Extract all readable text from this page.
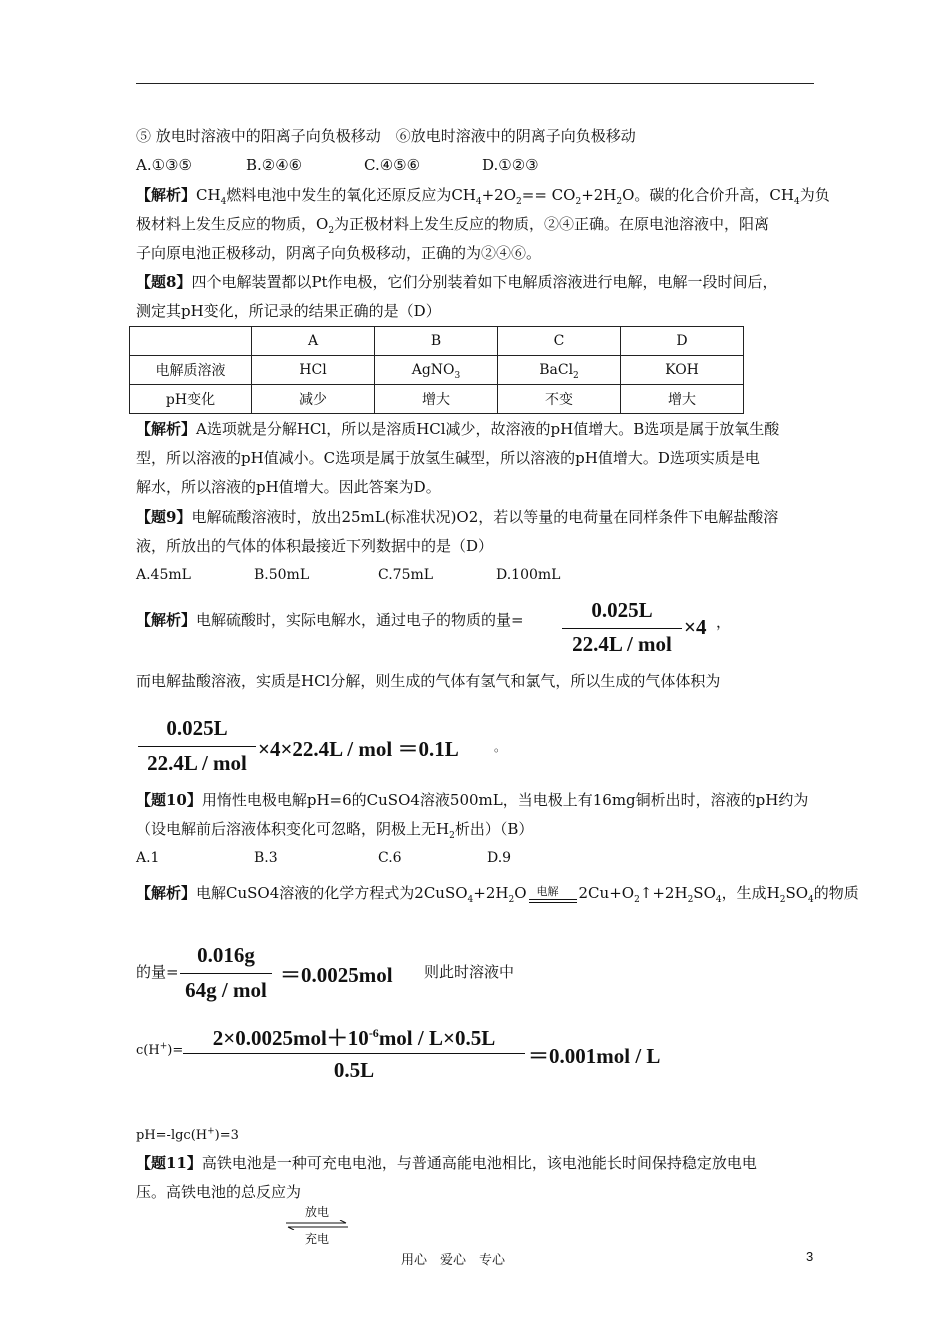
⑤ 放电时溶液中的阳离子向负极移动　⑥放电时溶液中的阴离子向负极移动
A.①③⑤	B.②④⑥	C.④⑤⑥	D.①②③
【解析】$CH_4$燃料电池中发生的氧化还原反应为$CH_4+2O_2== CO_2+2H_2O$。碳的化合价升高，$CH_4$为负
极材料上发生反应的物质，$O_2$为正极材料上发生反应的物质，②④正确。在原电池溶液中，阳离
子向原电池正极移动，阴离子向负极移动，正确的为②④⑥。
【题8】四个电解装置都以Pt作电极，它们分别装着如下电解质溶液进行电解，电解一段时间后，
测定其pH变化，所记录的结果正确的是（D）
	A	B	C	D
电解质溶液	HCl	AgNO$_3$	BaCl$_2$	KOH
pH变化	减少	增大	不变	增大
【解析】A选项就是分解HCl，所以是溶质HCl减少，故溶液的pH值增大。B选项是属于放氧生酸
型，所以溶液的pH值减小。C选项是属于放氢生碱型，所以溶液的pH值增大。D选项实质是电
解水，所以溶液的pH值增大。因此答案为D。
【题9】电解硫酸溶液时，放出25mL(标准状况)O2，若以等量的电荷量在同样条件下电解盐酸溶
液，所放出的气体的体积最接近下列数据中的是（D）
A.45mL	B.50mL	C.75mL	D.100mL
【解析】电解硫酸时，实际电解水，通过电子的物质的量=	0.025L
22.4L / mol
×4 ，
而电解盐酸溶液，实质是HCl分解，则生成的气体有氢气和氯气，所以生成的气体体积为
0.025L
22.4L / mol
×4×22.4L / mol ＝0.1L	。
【题10】用惰性电极电解pH=6的CuSO4溶液500mL，当电极上有16mg铜析出时，溶液的pH约为
（设电解前后溶液体积变化可忽略，阴极上无$H_2$析出）（B）
A.1	B.3	C.6	D.9
【解析】电解CuSO4溶液的化学方程式为$2CuSO_4+2H_2O$ 电解 $2Cu+O_2↑+2H_2SO_4$，生成$H_2SO_4$的物质
的量=
0.016g
64g / mol
＝0.0025mol 则此时溶液中
c(H+)=
$2\times 0.0025mol+10^{-6}mol / L\times 0.5L$
0.5L
＝0.001mol / L
pH=-lgc(H+)=3
【题11】高铁电池是一种可充电电池，与普通高能电池相比，该电池能长时间保持稳定放电电
压。高铁电池的总反应为
放电
充电
用心　爱心　专心	3
